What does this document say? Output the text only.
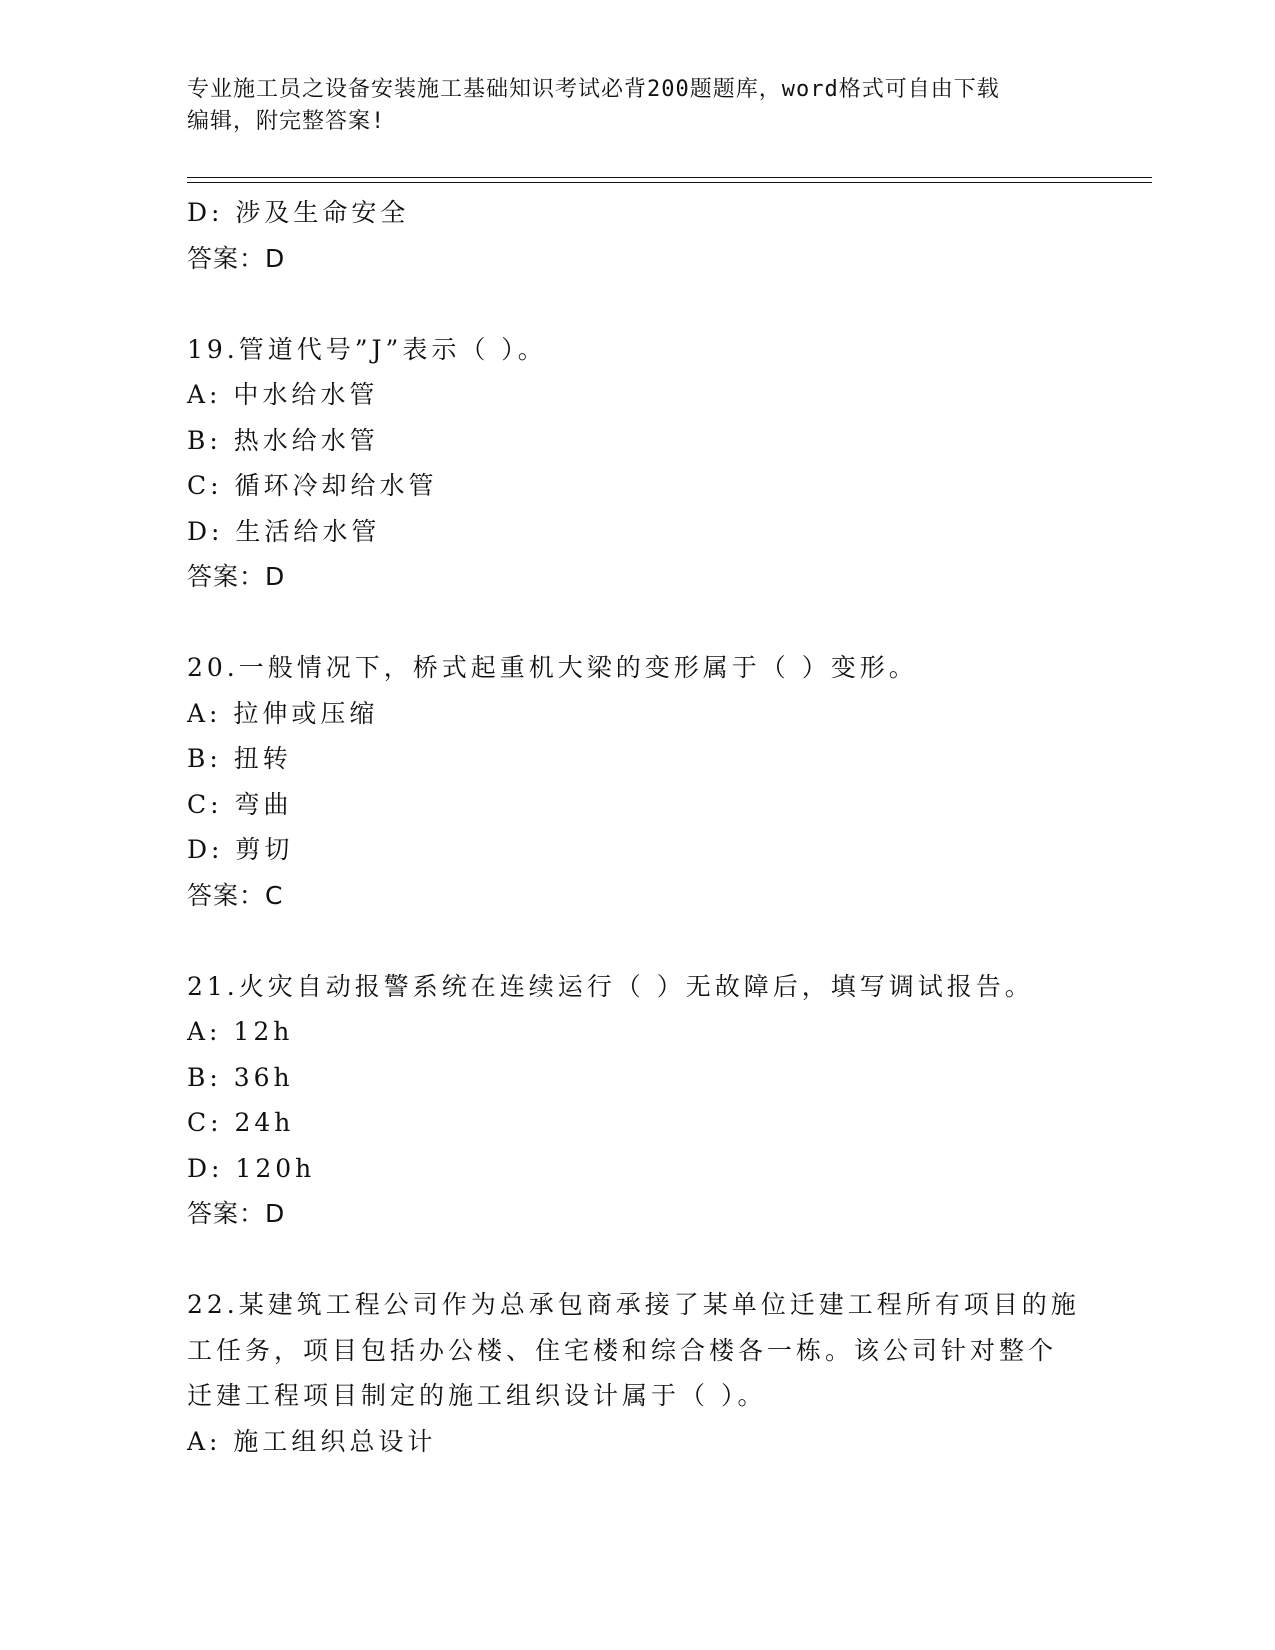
专业施工员之设备安装施工基础知识考试必背200题题库，word格式可自由下载
编辑，附完整答案!
D: 涉及生命安全
答案：D
19.管道代号”J”表示（ ）。
A: 中水给水管
B: 热水给水管
C: 循环冷却给水管
D: 生活给水管
答案：D
20.一般情况下，桥式起重机大梁的变形属于（ ）变形。
A: 拉伸或压缩
B: 扭转
C: 弯曲
D: 剪切
答案：C
21.火灾自动报警系统在连续运行（ ）无故障后，填写调试报告。
A: 12h
B: 36h
C: 24h
D: 120h
答案：D
22.某建筑工程公司作为总承包商承接了某单位迁建工程所有项目的施
工任务，项目包括办公楼、住宅楼和综合楼各一栋。该公司针对整个
迁建工程项目制定的施工组织设计属于（ ）。
A: 施工组织总设计
